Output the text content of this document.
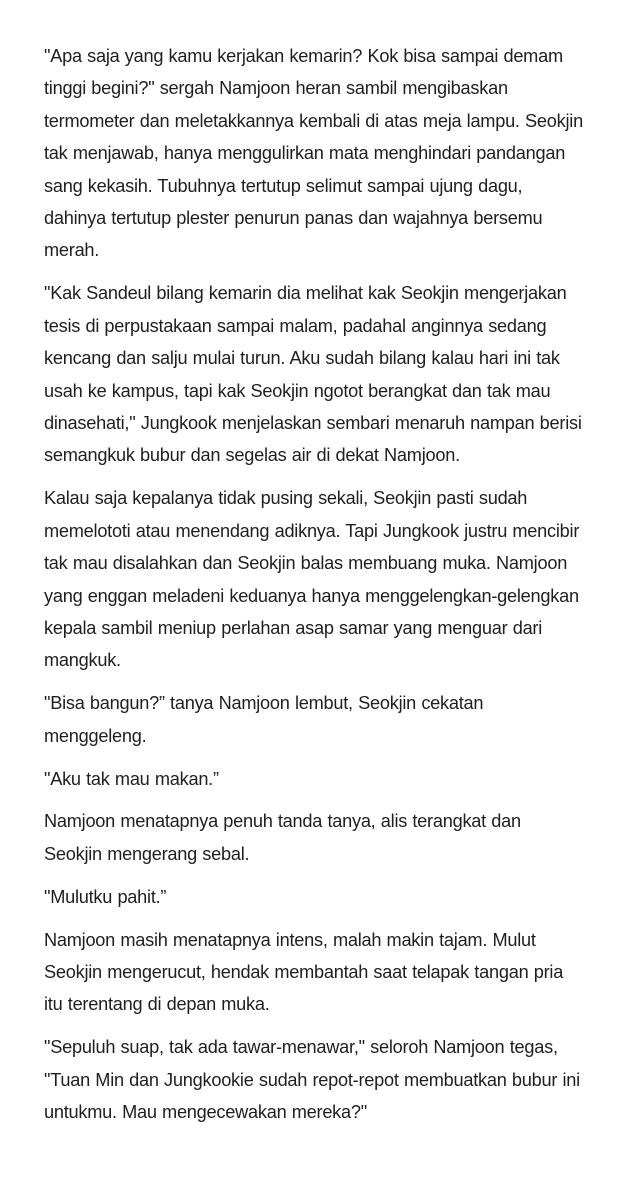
"Apa saja yang kamu kerjakan kemarin? Kok bisa sampai demam tinggi begini?" sergah Namjoon heran sambil mengibaskan termometer dan meletakkannya kembali di atas meja lampu. Seokjin tak menjawab, hanya menggulirkan mata menghindari pandangan sang kekasih. Tubuhnya tertutup selimut sampai ujung dagu, dahinya tertutup plester penurun panas dan wajahnya bersemu merah.

"Kak Sandeul bilang kemarin dia melihat kak Seokjin mengerjakan tesis di perpustakaan sampai malam, padahal anginnya sedang kencang dan salju mulai turun. Aku sudah bilang kalau hari ini tak usah ke kampus, tapi kak Seokjin ngotot berangkat dan tak mau dinasehati," Jungkook menjelaskan sembari menaruh nampan berisi semangkuk bubur dan segelas air di dekat Namjoon.

Kalau saja kepalanya tidak pusing sekali, Seokjin pasti sudah memelototi atau menendang adiknya. Tapi Jungkook justru mencibir tak mau disalahkan dan Seokjin balas membuang muka. Namjoon yang enggan meladeni keduanya hanya menggelengkan-gelengkan kepala sambil meniup perlahan asap samar yang menguar dari mangkuk.

"Bisa bangun?” tanya Namjoon lembut, Seokjin cekatan menggeleng.

"Aku tak mau makan.”

Namjoon menatapnya penuh tanda tanya, alis terangkat dan Seokjin mengerang sebal.

"Mulutku pahit.”

Namjoon masih menatapnya intens, malah makin tajam. Mulut Seokjin mengerucut, hendak membantah saat telapak tangan pria itu terentang di depan muka.

"Sepuluh suap, tak ada tawar-menawar," seloroh Namjoon tegas, "Tuan Min dan Jungkookie sudah repot-repot membuatkan bubur ini untukmu. Mau mengecewakan mereka?"
